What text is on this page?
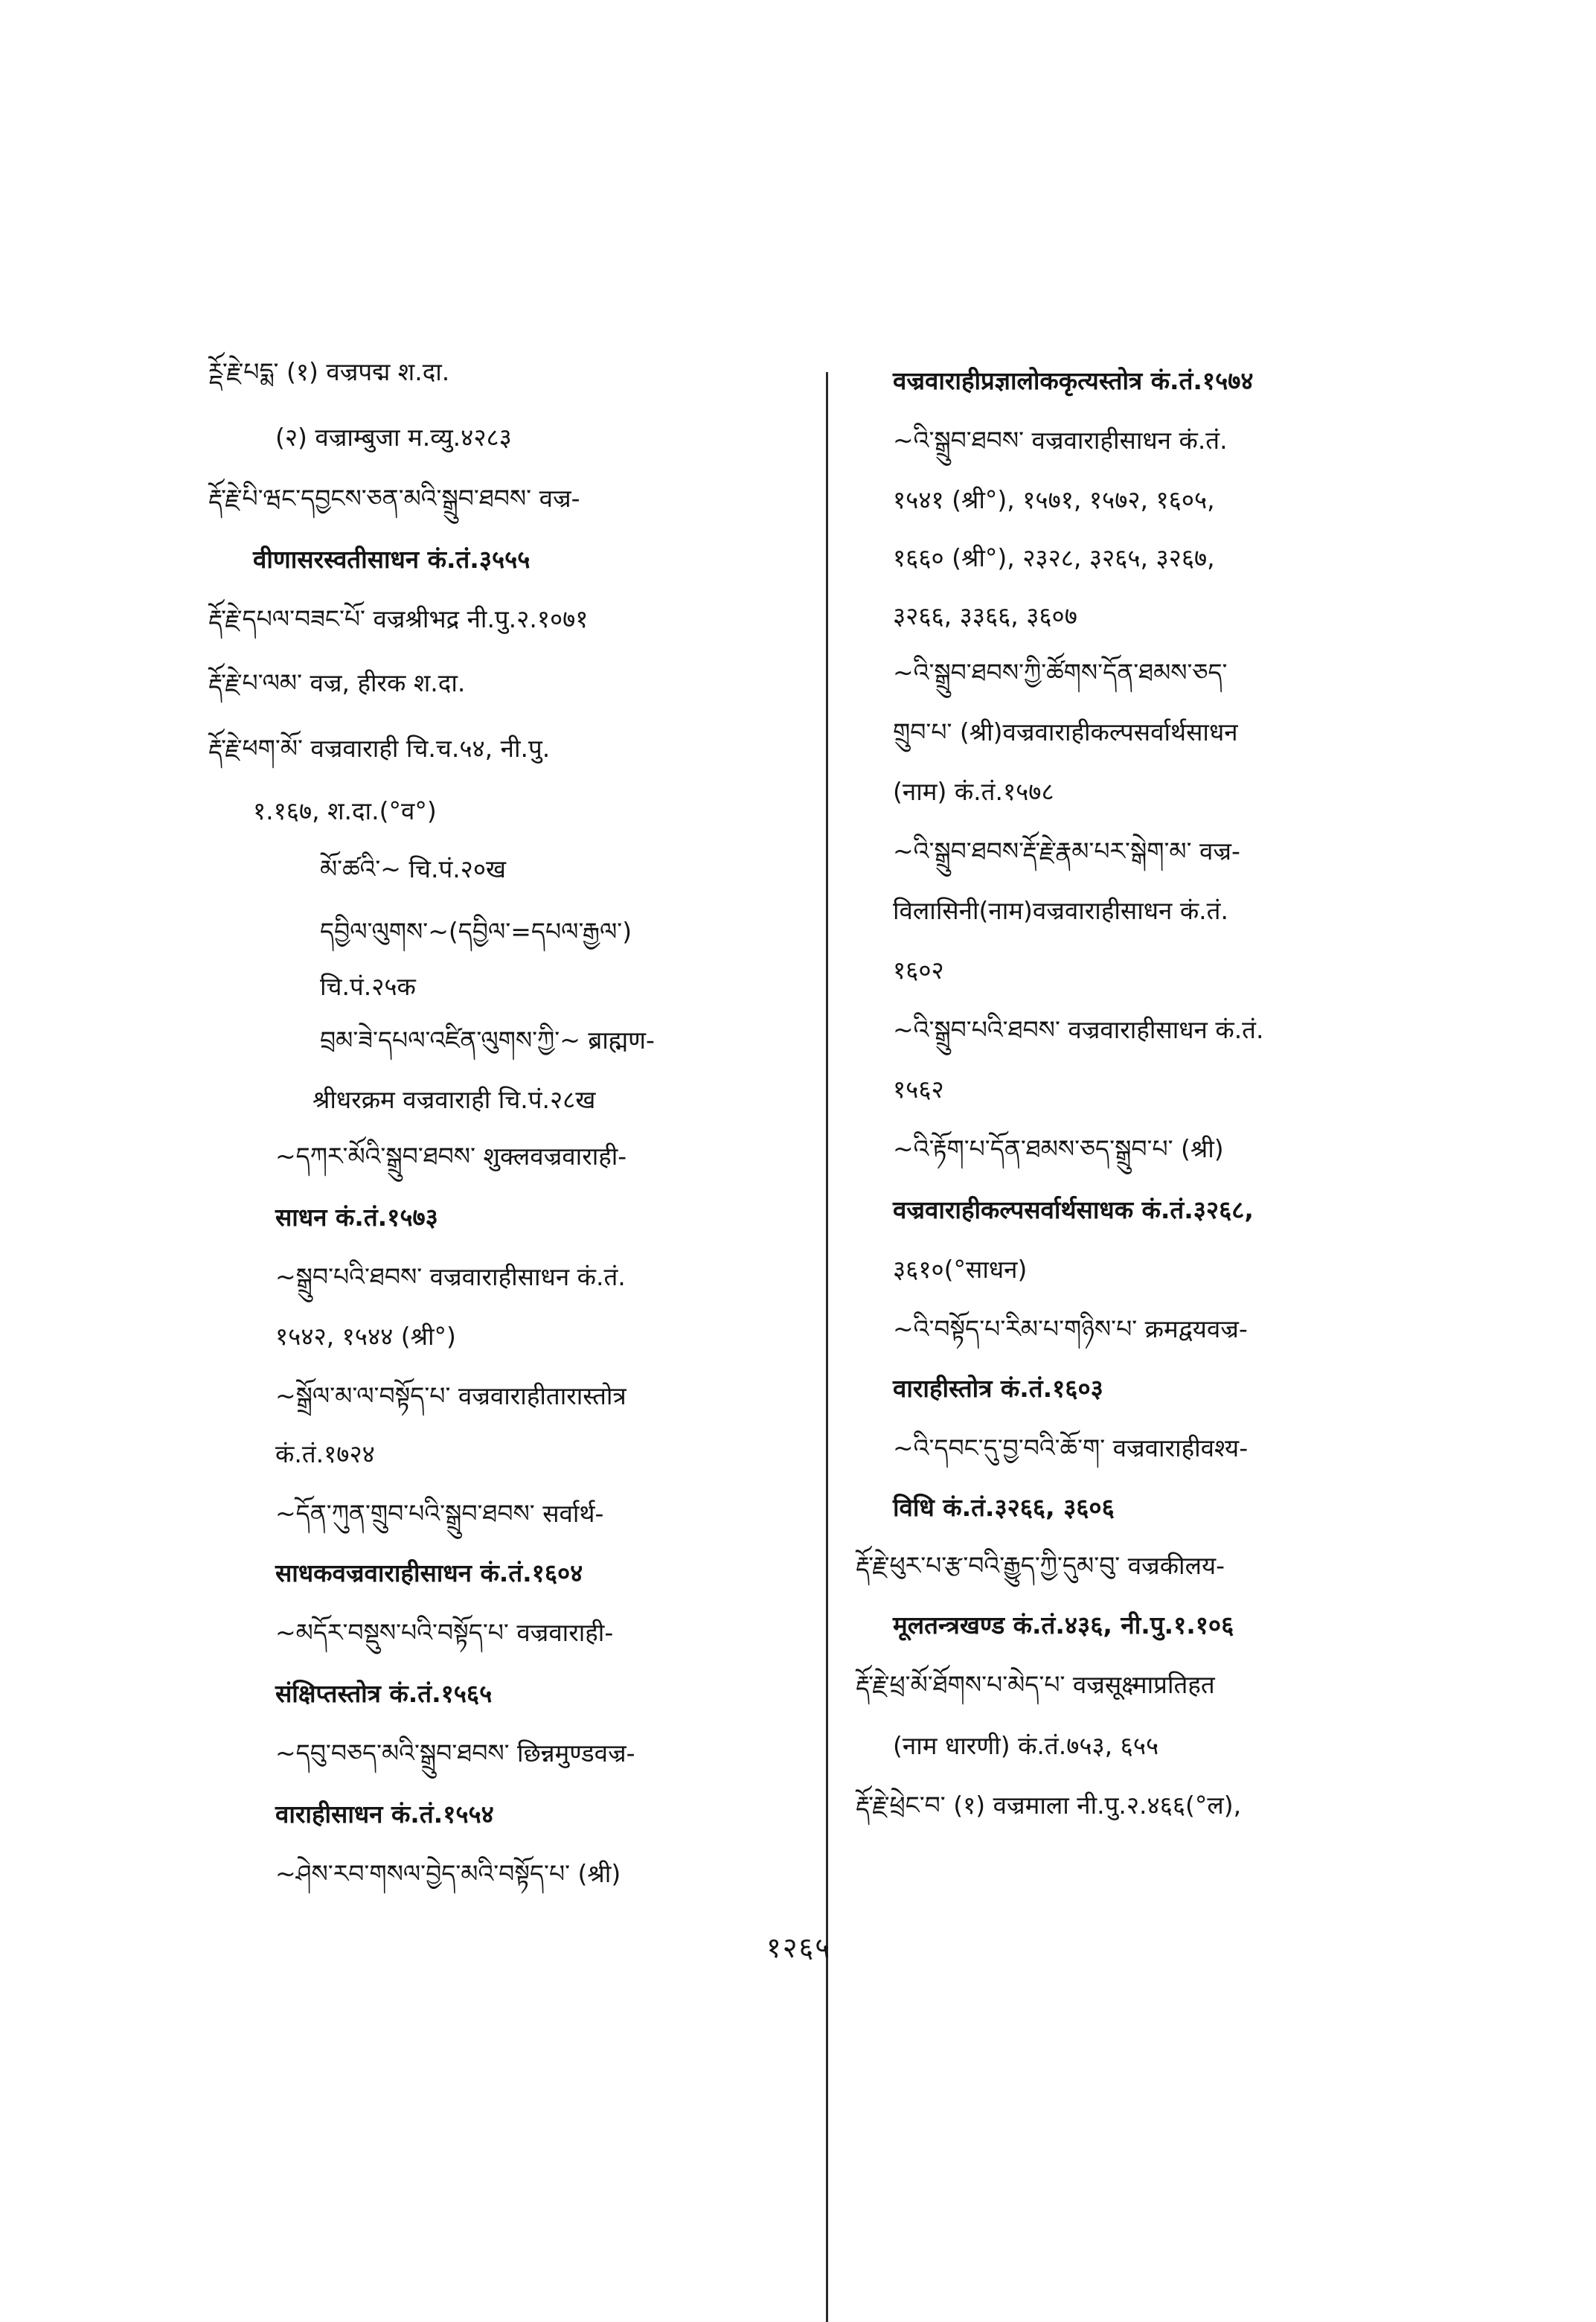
ཪྡོ་རྗེ་པདྨ་ (१) वज्रपद्म श.दा.
(२) वज्राम्बुजा म.व्यु.४२८३
རྡོ་རྗེ་པི་ཝང་དབྱངས་ཅན་མའི་སྒྲུབ་ཐབས་ वज्र-
वीणासरस्वतीसाधन कं.तं.३५५५
རྡོ་རྗེ་དཔལ་བཟང་པོ་ वज्रश्रीभद्र नी.पु.२.१०७१
རྡོ་རྗེ་པ་ལམ་ वज्र, हीरक श.दा.
རྡོ་རྗེ་ཕག་མོ་ वज्रवाराही चि.च.५४, नी.पु.
१.१६७, श.दा.(°व°)
མོ་ཚའི་~ चि.पं.२०ख
དབྱིལ་ལུགས་~(དབྱིལ་=དཔལ་རྒྱལ་)
चि.पं.२५क
བྲམ་ཟེ་དཔལ་འཛིན་ལུགས་ཀྱི་~ ब्राह्मण-
श्रीधरक्रम वज्रवाराही चि.पं.२८ख
~དཀར་མོའི་སྒྲུབ་ཐབས་ शुक्लवज्रवाराही-
साधन कं.तं.१५७३
~སྒྲུབ་པའི་ཐབས་ वज्रवाराहीसाधन कं.तं.
१५४२, १५४४ (श्री°)
~སྒྲོལ་མ་ལ་བསྟོད་པ་ वज्रवाराहीतारास्तोत्र
कं.तं.१७२४
~དོན་ཀུན་གྲུབ་པའི་སྒྲུབ་ཐབས་ सर्वार्थ-
साधकवज्रवाराहीसाधन कं.तं.१६०४
~མདོར་བསྡུས་པའི་བསྟོད་པ་ वज्रवाराही-
संक्षिप्तस्तोत्र कं.तं.१५६५
~དབུ་བཅད་མའི་སྒྲུབ་ཐབས་ छिन्नमुण्डवज्र-
वाराहीसाधन कं.तं.१५५४
~ཤེས་རབ་གསལ་བྱེད་མའི་བསྟོད་པ་ (श्री)
वज्रवाराहीप्रज्ञालोककृत्यस्तोत्र कं.तं.१५७४
~འི་སྒྲུབ་ཐབས་ वज्रवाराहीसाधन कं.तं.
१५४१ (श्री°), १५७१, १५७२, १६०५,
१६६० (श्री°), २३२८, ३२६५, ३२६७,
३२६६, ३३६६, ३६०७
~འི་སྒྲུབ་ཐབས་ཀྱི་ཚོགས་དོན་ཐམས་ཅད་
གྲུབ་པ་ (श्री)वज्रवाराहीकल्पसर्वार्थसाधन
(नाम) कं.तं.१५७८
~འི་སྒྲུབ་ཐབས་རྡོ་རྗེ་རྣམ་པར་སྒེག་མ་ वज्र-
विलासिनी(नाम)वज्रवाराहीसाधन कं.तं.
१६०२
~འི་སྒྲུབ་པའི་ཐབས་ वज्रवाराहीसाधन कं.तं.
१५६२
~འི་རྟོག་པ་དོན་ཐམས་ཅད་སྒྲུབ་པ་ (श्री)
वज्रवाराहीकल्पसर्वार्थसाधक कं.तं.३२६८,
३६१०(°साधन)
~འི་བསྟོད་པ་རིམ་པ་གཉིས་པ་ क्रमद्वयवज्र-
वाराहीस्तोत्र कं.तं.१६०३
~འི་དབང་དུ་བྱ་བའི་ཆོ་ག་ वज्रवाराहीवश्य-
विधि कं.तं.३२६६, ३६०६
རྡོ་རྗེ་ཕུར་པ་རྩ་བའི་རྒྱུད་ཀྱི་དུམ་བུ་ वज्रकीलय-
मूलतन्त्रखण्ड कं.तं.४३६, नी.पु.१.१०६
རྡོ་རྗེ་ཕྲ་མོ་ཐོགས་པ་མེད་པ་ वज्रसूक्ष्माप्रतिहत
(नाम धारणी) कं.तं.७५३, ६५५
རྡོ་རྗེ་ཕྲེང་བ་ (१) वज्रमाला नी.पु.२.४६६(°ल),
१२६५
